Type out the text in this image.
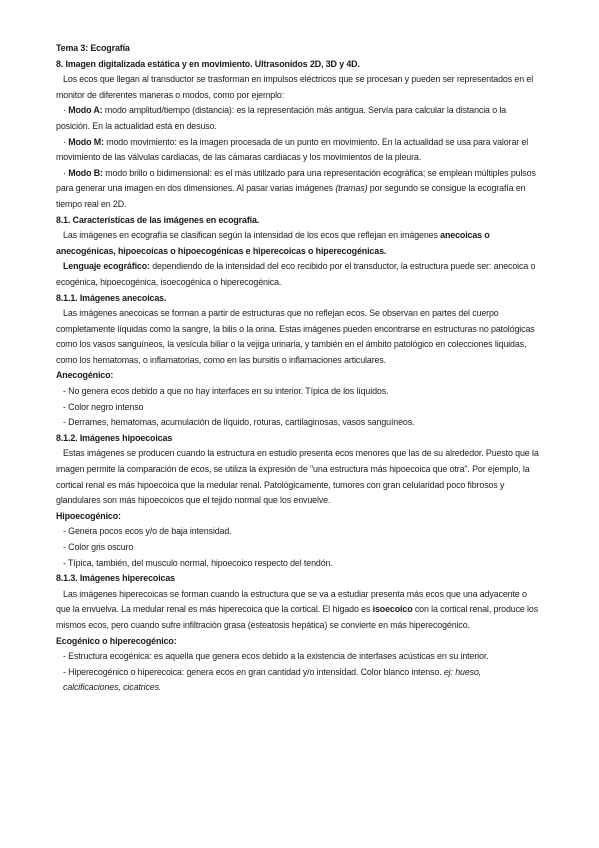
Tema 3: Ecografía

8. Imagen digitalizada estática y en movimiento. Ultrasonidos 2D, 3D y 4D.

Los ecos que llegan al transductor se trasforman en impulsos eléctricos que se procesan y pueden ser representados en el monitor de diferentes maneras o modos, como por ejemplo:

· Modo A: modo amplitud/tiempo (distancia): es la representación más antigua. Servía para calcular la distancia o la posición. En la actualidad está en desuso.

· Modo M: modo movimiento: es la imagen procesada de un punto en movimiento. En la actualidad se usa para valorar el movimiento de las válvulas cardiacas, de las cámaras cardiacas y los movimientos de la pleura.

· Modo B: modo brillo o bidimensional: es el más utilizado para una representación ecográfica; se emplean múltiples pulsos para generar una imagen en dos dimensiones. Al pasar varias imágenes (tramas) por segundo se consigue la ecografía en tiempo real en 2D.

8.1. Características de las imágenes en ecografía.

Las imágenes en ecografía se clasifican según la intensidad de los ecos que reflejan en imágenes anecoicas o anecogénicas, hipoecoicas o hipoecogénicas e hiperecoicas o hiperecogénicas.

Lenguaje ecográfico: dependiendo de la intensidad del eco recibido por el transductor, la estructura puede ser: anecoica o ecogénica, hipoecogénica, isoecogénica o hiperecogénica.

8.1.1. Imágenes anecoicas.

Las imágenes anecoicas se forman a partir de estructuras que no reflejan ecos. Se observan en partes del cuerpo completamente líquidas como la sangre, la bilis o la orina. Estas imágenes pueden encontrarse en estructuras no patológicas como los vasos sanguíneos, la vesícula biliar o la vejiga urinaria, y también en el ámbito patológico en colecciones liquidas, como los hematomas, o inflamatorias, como en las bursitis o inflamaciones articulares.

Anecogénico:

- No genera ecos debido a que no hay interfaces en su interior. Típica de los líquidos.

- Color negro intenso

- Derrames, hematomas, acumulación de líquido, roturas, cartilaginosas, vasos sanguíneos.

8.1.2. Imágenes hipoecoicas

Estas imágenes se producen cuando la estructura en estudio presenta ecos menores que las de su alrededor. Puesto que la imagen permite la comparación de ecos, se utiliza la expresión de "una estructura más hipoecoica que otra". Por ejemplo, la cortical renal es más hipoecoica que la medular renal. Patológicamente, tumores con gran celularidad poco fibrosos y glandulares son más hipoecoicos que el tejido normal que los envuelve.

Hipoecogénico:

- Genera pocos ecos y/o de baja intensidad.

- Color gris oscuro

- Típica, también, del musculo normal, hipoecoico respecto del tendón.

8.1.3. Imágenes hiperecoicas

Las imágenes hiperecoicas se forman cuando la estructura que se va a estudiar presenta más ecos que una adyacente o que la envuelva. La medular renal es más hiperecoica que la cortical. El hígado es isoecoico con la cortical renal, produce los mismos ecos, pero cuando sufre infiltración grasa (esteatosis hepática) se convierte en más hiperecogénico.

Ecogénico o hiperecogénico:

- Estructura ecogénica: es aquella que genera ecos debido a la existencia de interfases acústicas en su interior.

- Hiperecogénico o hiperecoica: genera ecos en gran cantidad y/o intensidad. Color blanco intenso. ej: hueso, calcificaciones, cicatrices.
